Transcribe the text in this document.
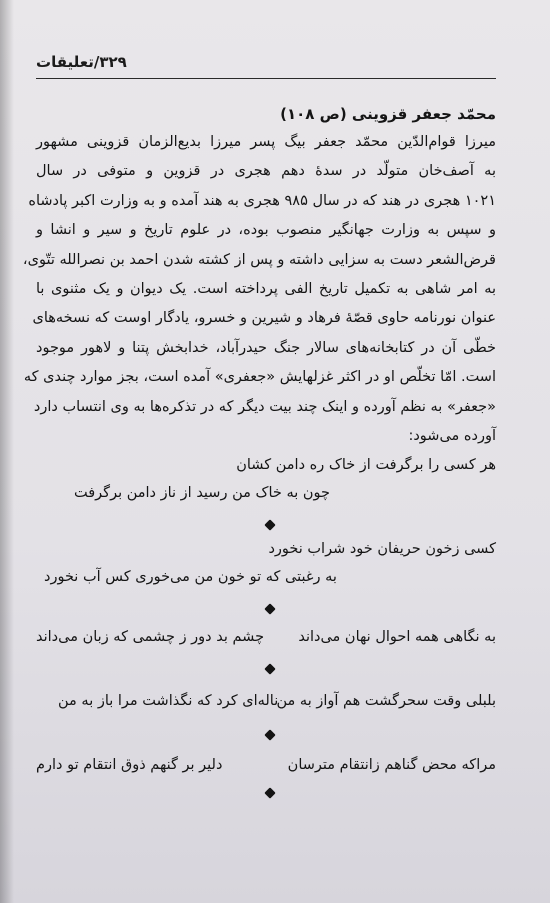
۳۲۹/تعلیقات
محمّد جعفر قزوینی (ص ۱۰۸)
میرزا قوام‌الدّین محمّد جعفر بیگ پسر میرزا بدیع‌الزمان قزوینی مشهور
به آصف‌خان متولّد در سدهٔ دهم هجری در قزوین و متوفی در سال
۱۰۲۱ هجری در هند که در سال ۹۸۵ هجری به هند آمده و به وزارت اکبر پادشاه
و سپس به وزارت جهانگیر منصوب بوده، در علوم تاریخ و سیر و انشا و
قرض‌الشعر دست به سزایی داشته و پس از کشته شدن احمد بن نصرالله تتّوی،
به امر شاهی به تکمیل تاریخ الفی پرداخته است. یک دیوان و یک مثنوی با
عنوان نورنامه حاوی قصّهٔ فرهاد و شیرین و خسرو، یادگار اوست که نسخه‌های
خطّی آن در کتابخانه‌های سالار جنگ حیدرآباد، خدابخش پتنا و لاهور موجود
است. امّا تخلّص او در اکثر غزلهایش «جعفری» آمده است، بجز موارد چندی که
«جعفر» به نظم آورده و اینک چند بیت دیگر که در تذکره‌ها به وی انتساب دارد
آورده می‌شود:
هر کسی را برگرفت از خاک ره دامن کشان
چون به خاک من رسید از ناز دامن برگرفت
کسی زخون حریفان خود شراب نخورد
به رغبتی که تو خون من می‌خوری کس آب نخورد
به نگاهی همه احوال نهان می‌داند
چشم بد دور ز چشمی که زبان می‌داند
بلبلی وقت سحرگشت هم آواز به من
ناله‌ای کرد که نگذاشت مرا باز به من
مراکه محض گناهم زانتقام مترسان
دلیر بر گنهم ذوق انتقام تو دارم
